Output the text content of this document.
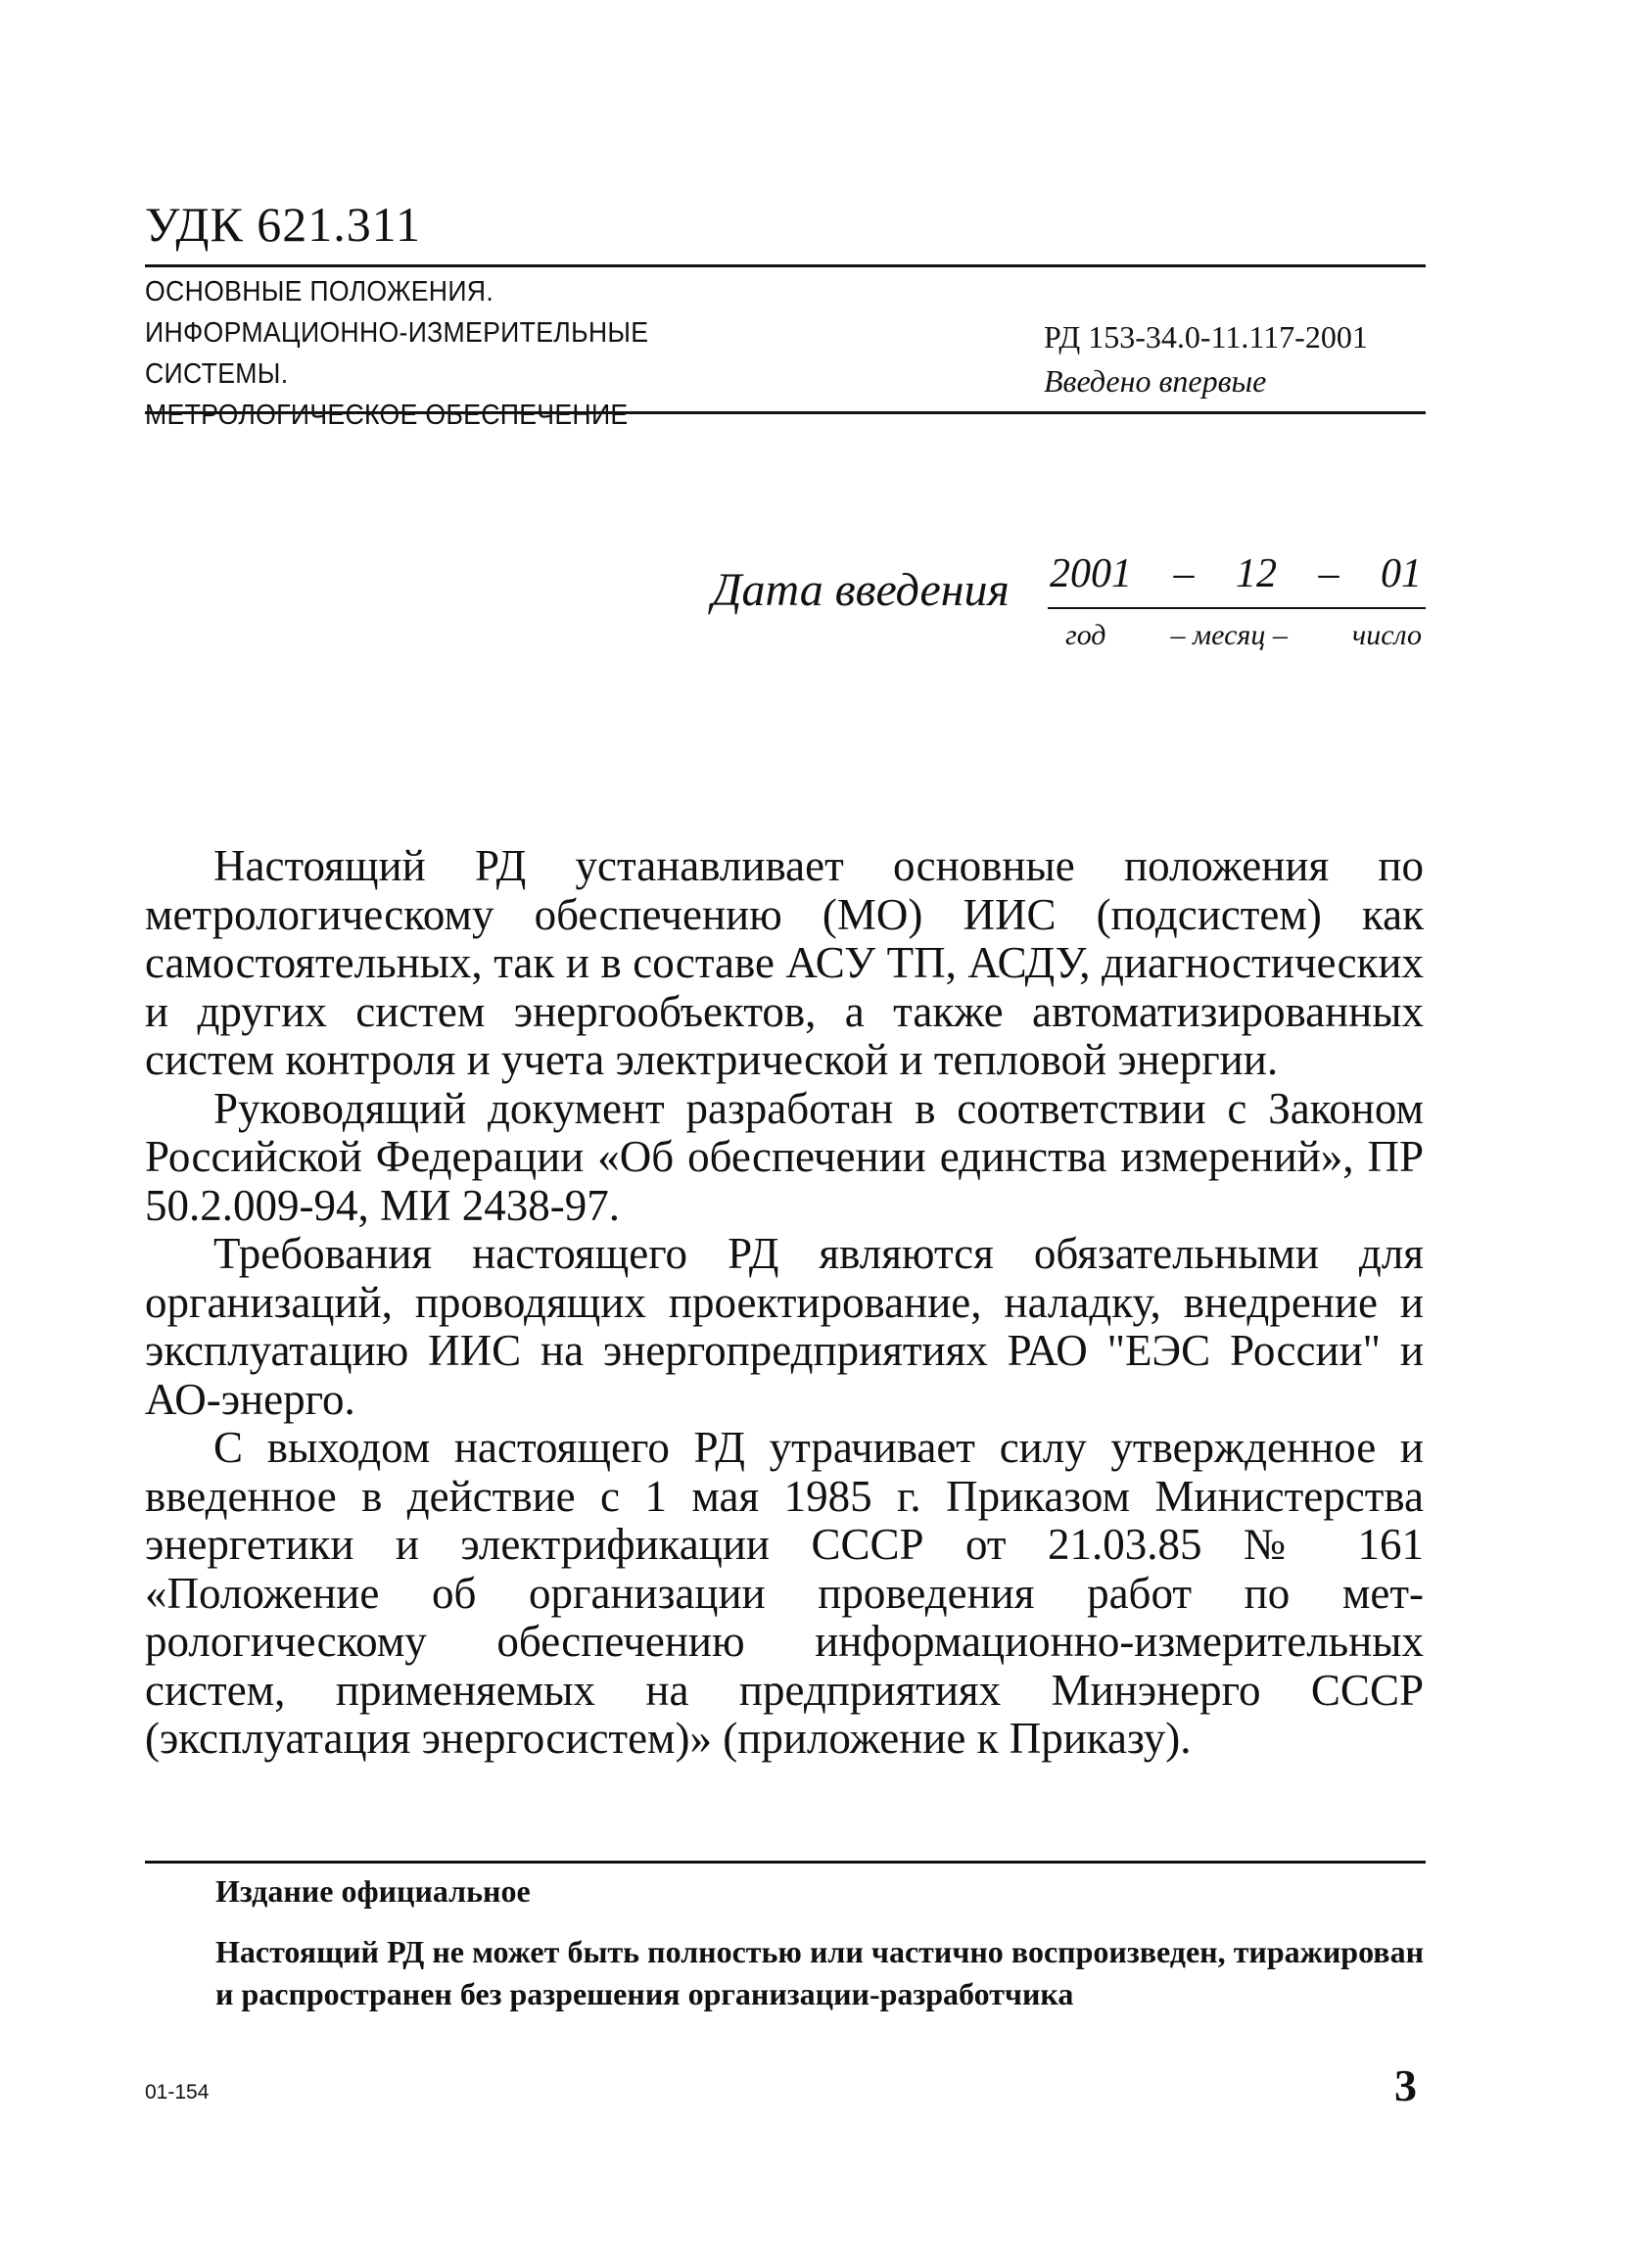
УДК 621.311
ОСНОВНЫЕ ПОЛОЖЕНИЯ.
ИНФОРМАЦИОННО-ИЗМЕРИТЕЛЬНЫЕ СИСТЕМЫ.
МЕТРОЛОГИЧЕСКОЕ ОБЕСПЕЧЕНИЕ
РД 153-34.0-11.117-2001
Введено впервые
Дата введения 2001 – 12 – 01
год – месяц – число

Настоящий РД устанавливает основные положения по метрологическому обеспечению (МО) ИИС (подсистем) как самостоятельных, так и в составе АСУ ТП, АСДУ, диагностических и других систем энергообъектов, а также автоматизированных систем контроля и учета электрической и тепловой энергии.

Руководящий документ разработан в соответствии с Законом Российской Федерации «Об обеспечении единства измерений», ПР 50.2.009-94, МИ 2438-97.

Требования настоящего РД являются обязательными для организаций, проводящих проектирование, наладку, внедрение и эксплуатацию ИИС на энергопредприятиях РАО "ЕЭС России" и АО-энерго.

С выходом настоящего РД утрачивает силу утвержденное и введенное в действие с 1 мая 1985 г. Приказом Министерства энергетики и электрификации СССР от 21.03.85 № 161 «Положение об организации проведения работ по метрологическому обеспечению информационно-измерительных систем, применяемых на предприятиях Минэнерго СССР (эксплуатация энергосистем)» (приложение к Приказу).

Издание официальное

Настоящий РД не может быть полностью или частично воспроизведен, тиражирован и распространен без разрешения организации-разработчика

01-154	3
